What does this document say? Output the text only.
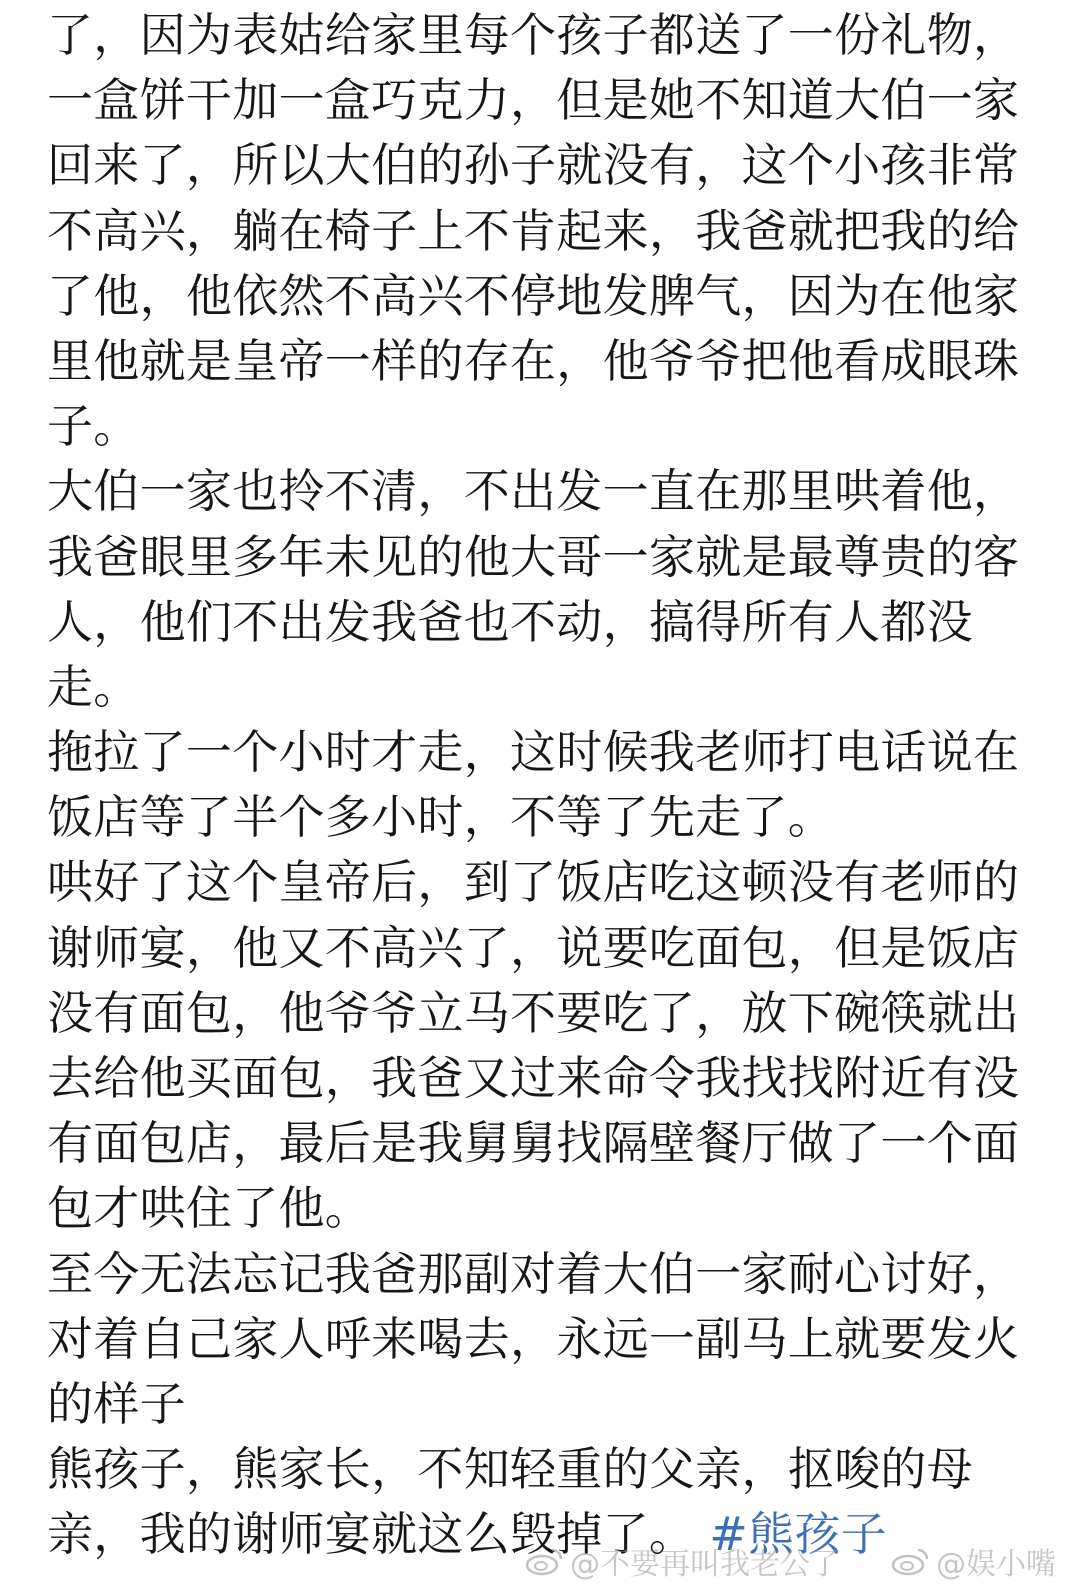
了，因为表姑给家里每个孩子都送了一份礼物，
一盒饼干加一盒巧克力，但是她不知道大伯一家
回来了，所以大伯的孙子就没有，这个小孩非常
不高兴，躺在椅子上不肯起来，我爸就把我的给
了他，他依然不高兴不停地发脾气，因为在他家
里他就是皇帝一样的存在，他爷爷把他看成眼珠
子。
大伯一家也拎不清，不出发一直在那里哄着他，
我爸眼里多年未见的他大哥一家就是最尊贵的客
人，他们不出发我爸也不动，搞得所有人都没
走。
拖拉了一个小时才走，这时候我老师打电话说在
饭店等了半个多小时，不等了先走了。
哄好了这个皇帝后，到了饭店吃这顿没有老师的
谢师宴，他又不高兴了，说要吃面包，但是饭店
没有面包，他爷爷立马不要吃了，放下碗筷就出
去给他买面包，我爸又过来命令我找找附近有没
有面包店，最后是我舅舅找隔壁餐厅做了一个面
包才哄住了他。
至今无法忘记我爸那副对着大伯一家耐心讨好，
对着自己家人呼来喝去，永远一副马上就要发火
的样子
熊孩子，熊家长，不知轻重的父亲，抠唆的母
亲，我的谢师宴就这么毁掉了。 #熊孩子
@不要再叫我老公了	@娱小嘴
